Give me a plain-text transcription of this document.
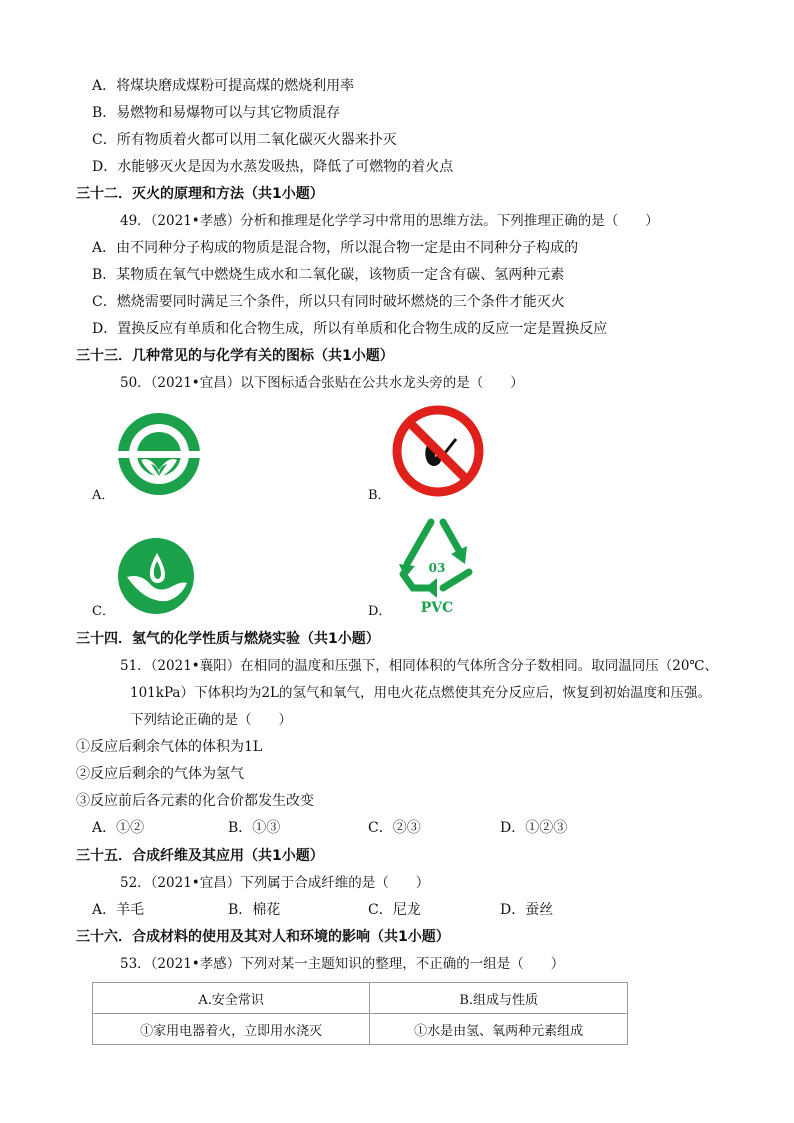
A．将煤块磨成煤粉可提高煤的燃烧利用率
B．易燃物和易爆物可以与其它物质混存
C．所有物质着火都可以用二氧化碳灭火器来扑灭
D．水能够灭火是因为水蒸发吸热，降低了可燃物的着火点
三十二．灭火的原理和方法（共1小题）
49．（2021•孝感）分析和推理是化学学习中常用的思维方法。下列推理正确的是（　　）
A．由不同种分子构成的物质是混合物，所以混合物一定是由不同种分子构成的
B．某物质在氧气中燃烧生成水和二氧化碳，该物质一定含有碳、氢两种元素
C．燃烧需要同时满足三个条件，所以只有同时破坏燃烧的三个条件才能灭火
D．置换反应有单质和化合物生成，所以有单质和化合物生成的反应一定是置换反应
三十三．几种常见的与化学有关的图标（共1小题）
50．（2021•宜昌）以下图标适合张贴在公共水龙头旁的是（　　）
A．	B．
C．
03
PVC
D．
三十四．氢气的化学性质与燃烧实验（共1小题）
51．（2021•襄阳）在相同的温度和压强下，相同体积的气体所含分子数相同。取同温同压（20℃、
101kPa）下体积均为2L的氢气和氧气，用电火花点燃使其充分反应后，恢复到初始温度和压强。
下列结论正确的是（　　）
①反应后剩余气体的体积为1L
②反应后剩余的气体为氢气
③反应前后各元素的化合价都发生改变
A．①②	B．①③	C．②③	D．①②③
三十五．合成纤维及其应用（共1小题）
52．（2021•宜昌）下列属于合成纤维的是（　　）
A．羊毛	B．棉花	C．尼龙	D．蚕丝
三十六．合成材料的使用及其对人和环境的影响（共1小题）
53．（2021•孝感）下列对某一主题知识的整理，不正确的一组是（　　）
A.安全常识	B.组成与性质
①家用电器着火，立即用水浇灭	①水是由氢、氧两种元素组成
